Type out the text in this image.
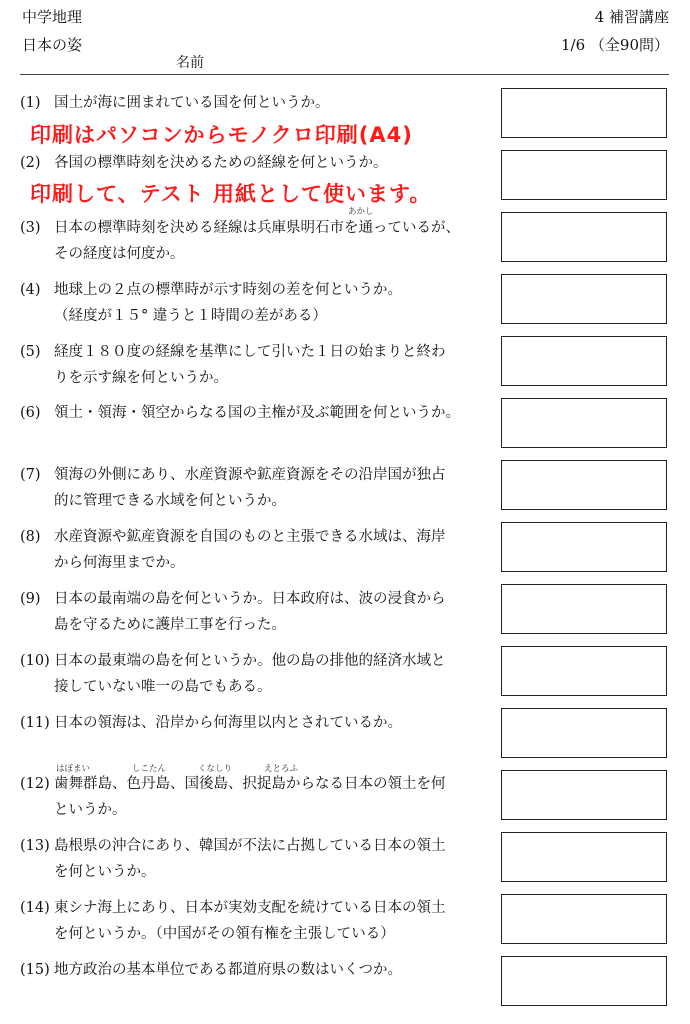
中学地理
日本の姿
4 補習講座
1/6 （全90問）
名前
(1) 国土が海に囲まれている国を何というか。
印刷はパソコンからモノクロ印刷(A4)
(2) 各国の標準時刻を決めるための経線を何というか。
印刷して、テスト 用紙として使います。
あかし
(3) 日本の標準時刻を決める経線は兵庫県明石市を通っているが、
その経度は何度か。
(4) 地球上の２点の標準時が示す時刻の差を何というか。
（経度が１５° 違うと１時間の差がある）
(5) 経度１８０度の経線を基準にして引いた１日の始まりと終わ
りを示す線を何というか。
(6) 領土・領海・領空からなる国の主権が及ぶ範囲を何というか。
(7) 領海の外側にあり、水産資源や鉱産資源をその沿岸国が独占
的に管理できる水域を何というか。
(8) 水産資源や鉱産資源を自国のものと主張できる水域は、海岸
から何海里までか。
(9) 日本の最南端の島を何というか。日本政府は、波の浸食から
島を守るために護岸工事を行った。
(10) 日本の最東端の島を何というか。他の島の排他的経済水域と
接していない唯一の島でもある。
(11) 日本の領海は、沿岸から何海里以内とされているか。
はぼまい	しこたん	くなしり	えとろふ
(12) 歯舞群島、色丹島、国後島、択捉島からなる日本の領土を何
というか。
(13) 島根県の沖合にあり、韓国が不法に占拠している日本の領土
を何というか。
(14) 東シナ海上にあり、日本が実効支配を続けている日本の領土
を何というか。（中国がその領有権を主張している）
(15) 地方政治の基本単位である都道府県の数はいくつか。
